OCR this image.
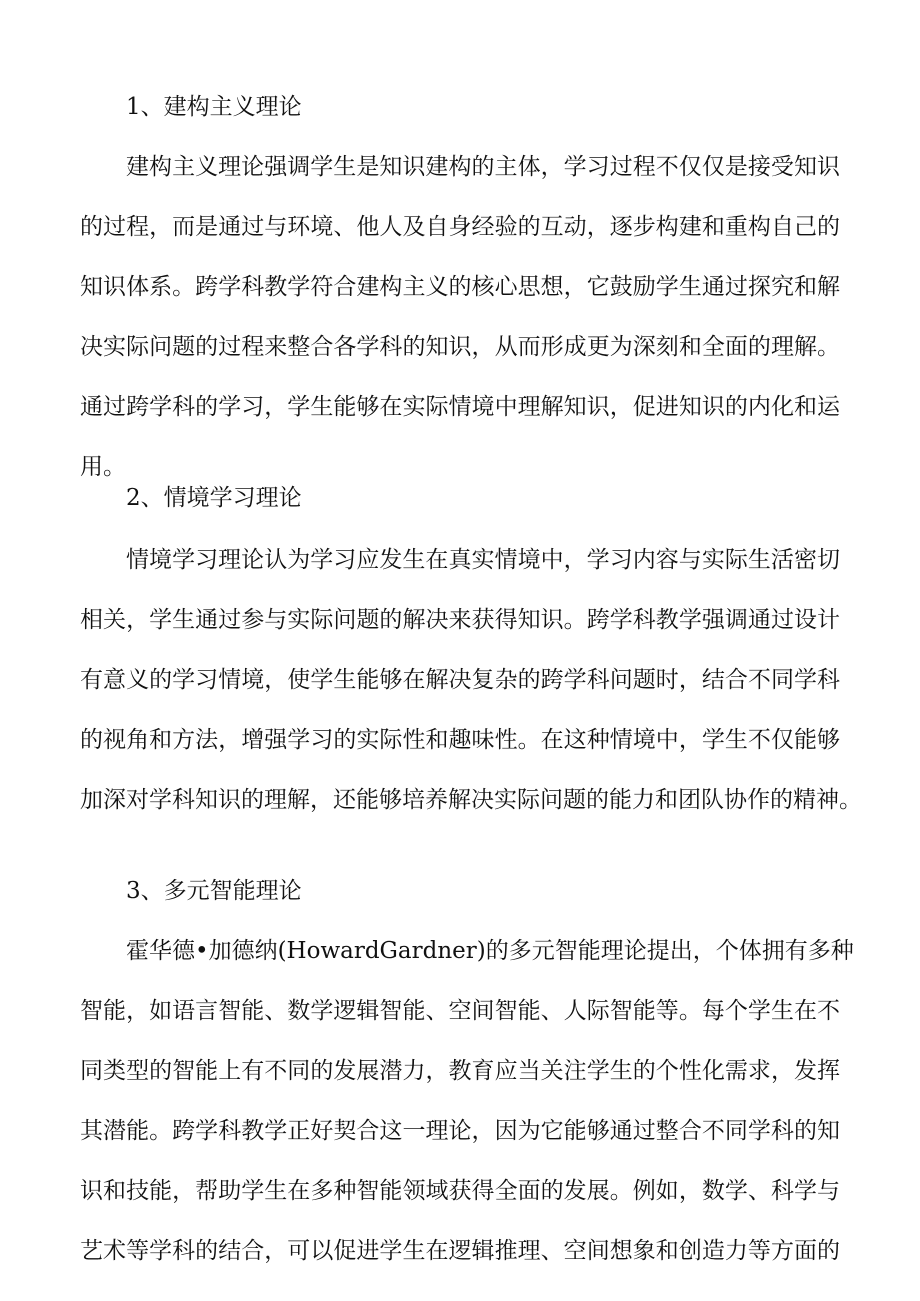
1、建构主义理论
建构主义理论强调学生是知识建构的主体，学习过程不仅仅是接受知识
的过程，而是通过与环境、他人及自身经验的互动，逐步构建和重构自己的
知识体系。跨学科教学符合建构主义的核心思想，它鼓励学生通过探究和解
决实际问题的过程来整合各学科的知识，从而形成更为深刻和全面的理解。
通过跨学科的学习，学生能够在实际情境中理解知识，促进知识的内化和运
用。
2、情境学习理论
情境学习理论认为学习应发生在真实情境中，学习内容与实际生活密切
相关，学生通过参与实际问题的解决来获得知识。跨学科教学强调通过设计
有意义的学习情境，使学生能够在解决复杂的跨学科问题时，结合不同学科
的视角和方法，增强学习的实际性和趣味性。在这种情境中，学生不仅能够
加深对学科知识的理解，还能够培养解决实际问题的能力和团队协作的精神。
3、多元智能理论
霍华德•加德纳(HowardGardner)的多元智能理论提出，个体拥有多种
智能，如语言智能、数学逻辑智能、空间智能、人际智能等。每个学生在不
同类型的智能上有不同的发展潜力，教育应当关注学生的个性化需求，发挥
其潜能。跨学科教学正好契合这一理论，因为它能够通过整合不同学科的知
识和技能，帮助学生在多种智能领域获得全面的发展。例如，数学、科学与
艺术等学科的结合，可以促进学生在逻辑推理、空间想象和创造力等方面的
